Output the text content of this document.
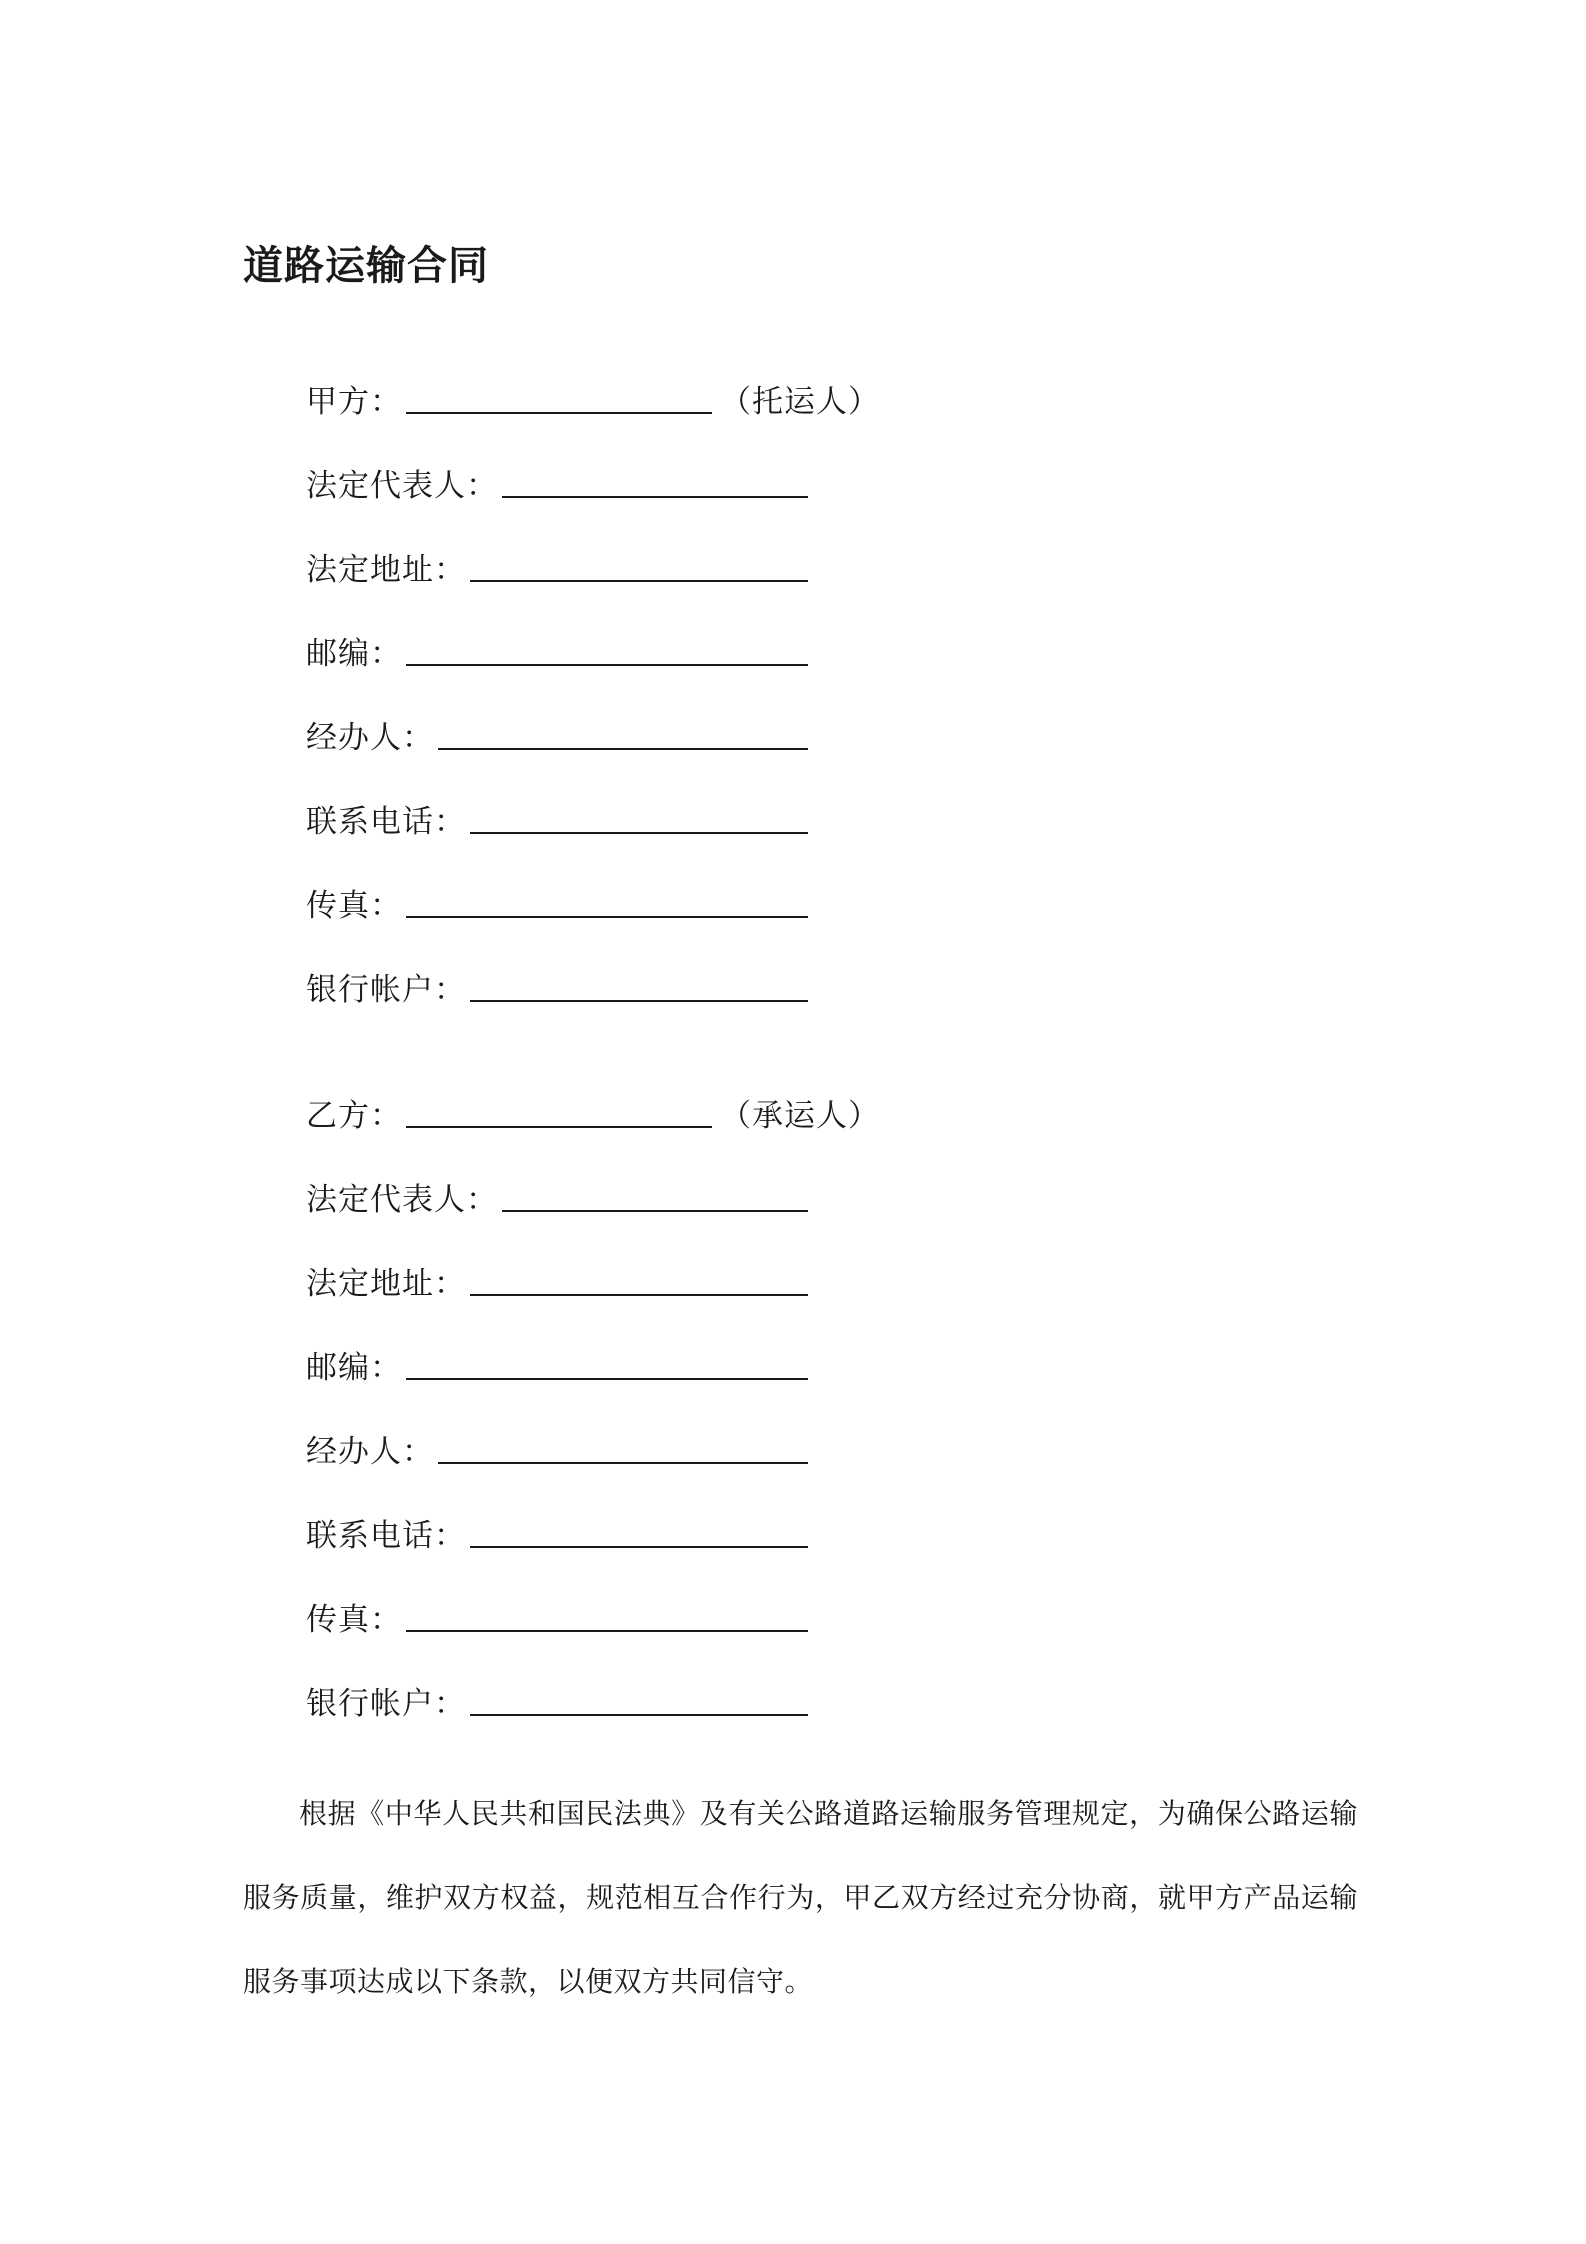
道路运输合同
甲方：	（托运人）
法定代表人：
法定地址：
邮编：
经办人：
联系电话：
传真：
银行帐户：
乙方：	（承运人）
法定代表人：
法定地址：
邮编：
经办人：
联系电话：
传真：
银行帐户：

根据《中华人民共和国民法典》及有关公路道路运输服务管理规定，为确保公路运输服务质量，维护双方权益，规范相互合作行为，甲乙双方经过充分协商，就甲方产品运输服务事项达成以下条款，以便双方共同信守。
